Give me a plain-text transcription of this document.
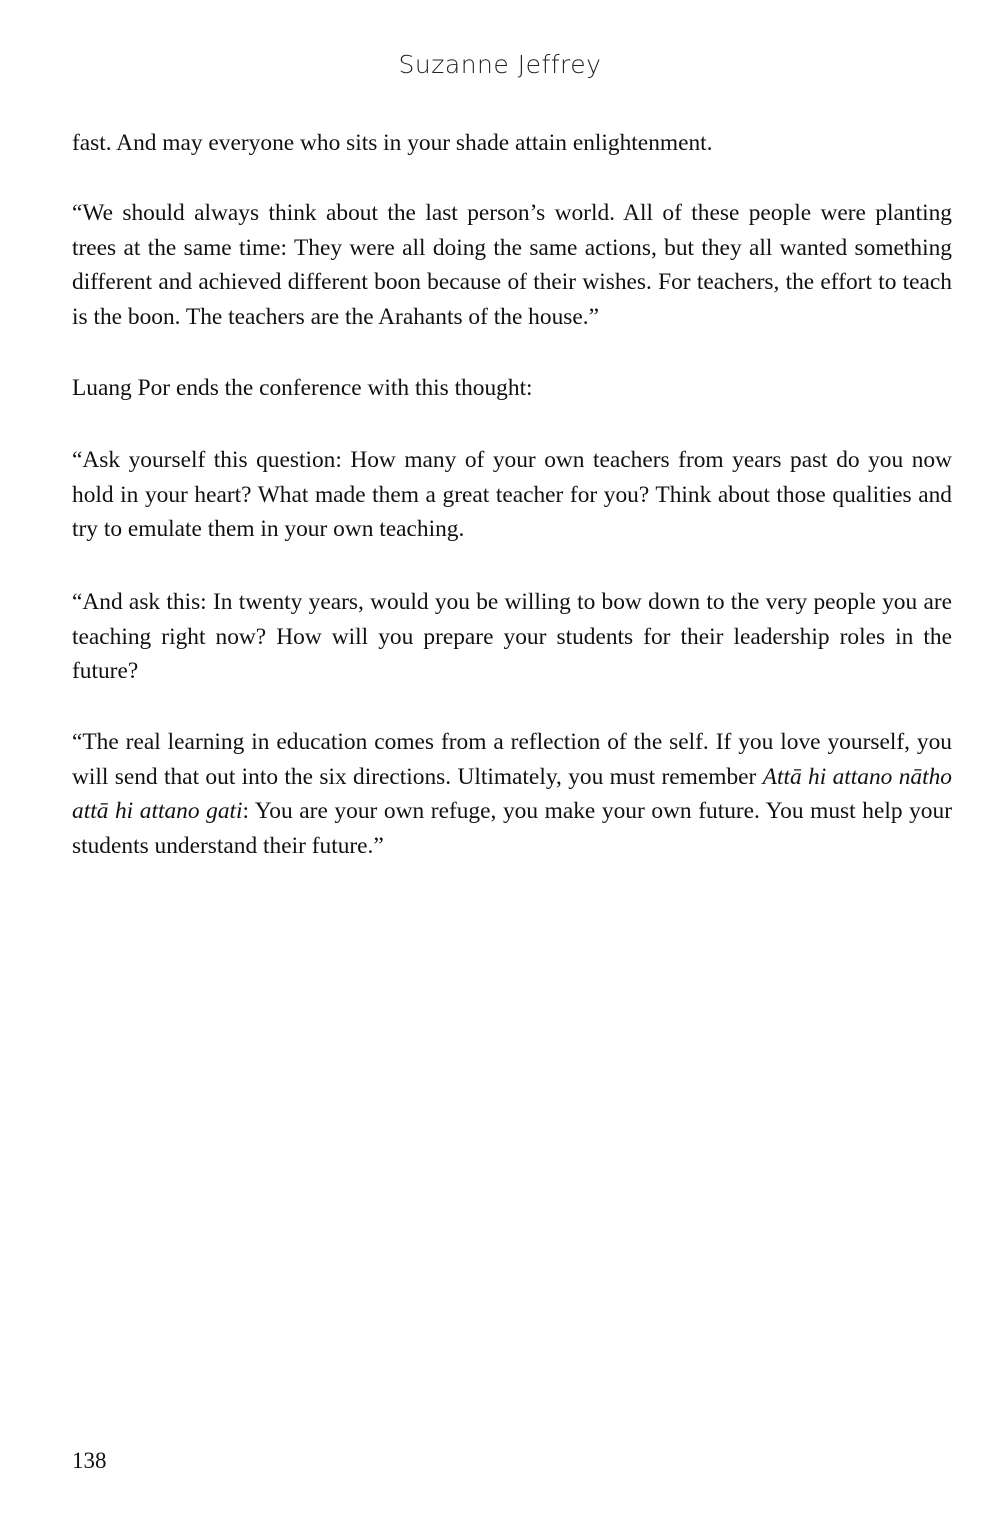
Suzanne Jeffrey

fast. And may everyone who sits in your shade attain enlightenment.

“We should always think about the last person’s world. All of these people were planting trees at the same time: They were all doing the same actions, but they all wanted something different and achieved different boon because of their wishes. For teachers, the effort to teach is the boon. The teachers are the Arahants of the house.”

Luang Por ends the conference with this thought:

“Ask yourself this question: How many of your own teachers from years past do you now hold in your heart? What made them a great teacher for you? Think about those qualities and try to emulate them in your own teaching.

“And ask this: In twenty years, would you be willing to bow down to the very people you are teaching right now? How will you prepare your students for their leadership roles in the future?

“The real learning in education comes from a reflection of the self. If you love yourself, you will send that out into the six directions. Ultimately, you must remember Attā hi attano nātho attā hi attano gati: You are your own refuge, you make your own future. You must help your students understand their future.”

138
